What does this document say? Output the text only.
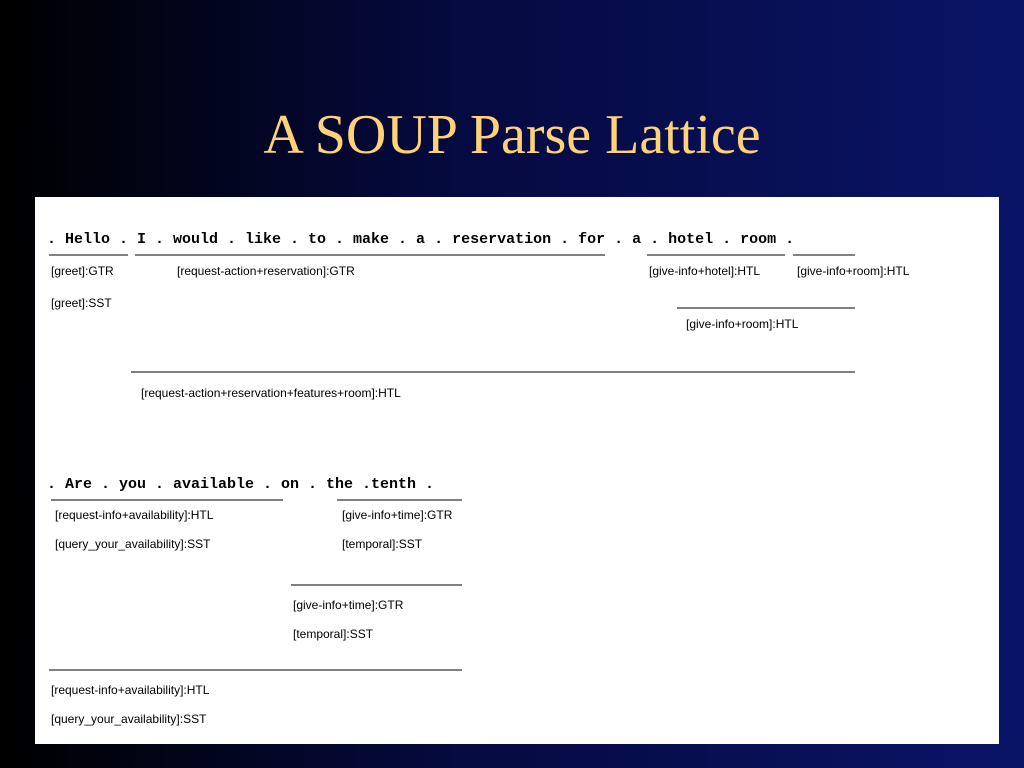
A SOUP Parse Lattice
. Hello . I . would . like . to . make . a . reservation . for . a . hotel . room .
[greet]:GTR
[greet]:SST
[request-action+reservation]:GTR	[give-info+hotel]:HTL	[give-info+room]:HTL
[give-info+room]:HTL
[request-action+reservation+features+room]:HTL
. Are . you . available . on . the .tenth .
[request-info+availability]:HTL
[query_your_availability]:SST
[give-info+time]:GTR
[temporal]:SST
[give-info+time]:GTR
[temporal]:SST
[request-info+availability]:HTL
[query_your_availability]:SST
